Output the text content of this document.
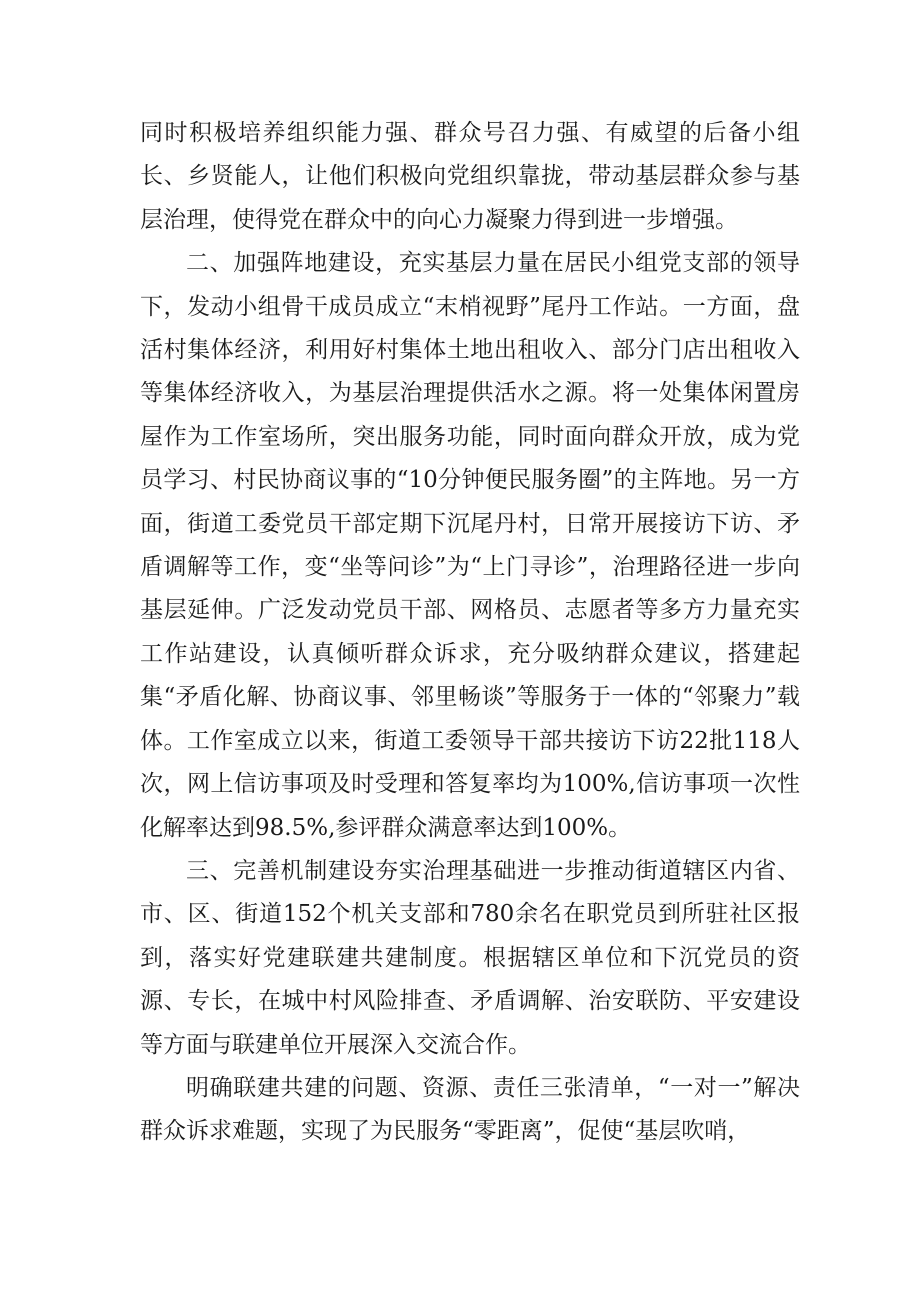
同时积极培养组织能力强、群众号召力强、有威望的后备小组长、乡贤能人，让他们积极向党组织靠拢，带动基层群众参与基层治理，使得党在群众中的向心力凝聚力得到进一步增强。

二、加强阵地建设，充实基层力量在居民小组党支部的领导下，发动小组骨干成员成立“末梢视野”尾丹工作站。一方面，盘活村集体经济，利用好村集体土地出租收入、部分门店出租收入等集体经济收入，为基层治理提供活水之源。将一处集体闲置房屋作为工作室场所，突出服务功能，同时面向群众开放，成为党员学习、村民协商议事的“10分钟便民服务圈”的主阵地。另一方面，街道工委党员干部定期下沉尾丹村，日常开展接访下访、矛盾调解等工作，变“坐等问诊”为“上门寻诊”，治理路径进一步向基层延伸。广泛发动党员干部、网格员、志愿者等多方力量充实工作站建设，认真倾听群众诉求，充分吸纳群众建议，搭建起集“矛盾化解、协商议事、邻里畅谈”等服务于一体的“邻聚力”载体。工作室成立以来，街道工委领导干部共接访下访22批118人次，网上信访事项及时受理和答复率均为100%,信访事项一次性化解率达到98.5%,参评群众满意率达到100%。

三、完善机制建设夯实治理基础进一步推动街道辖区内省、市、区、街道152个机关支部和780余名在职党员到所驻社区报到，落实好党建联建共建制度。根据辖区单位和下沉党员的资源、专长，在城中村风险排查、矛盾调解、治安联防、平安建设等方面与联建单位开展深入交流合作。

明确联建共建的问题、资源、责任三张清单，“一对一”解决群众诉求难题，实现了为民服务“零距离”，促使“基层吹哨，
